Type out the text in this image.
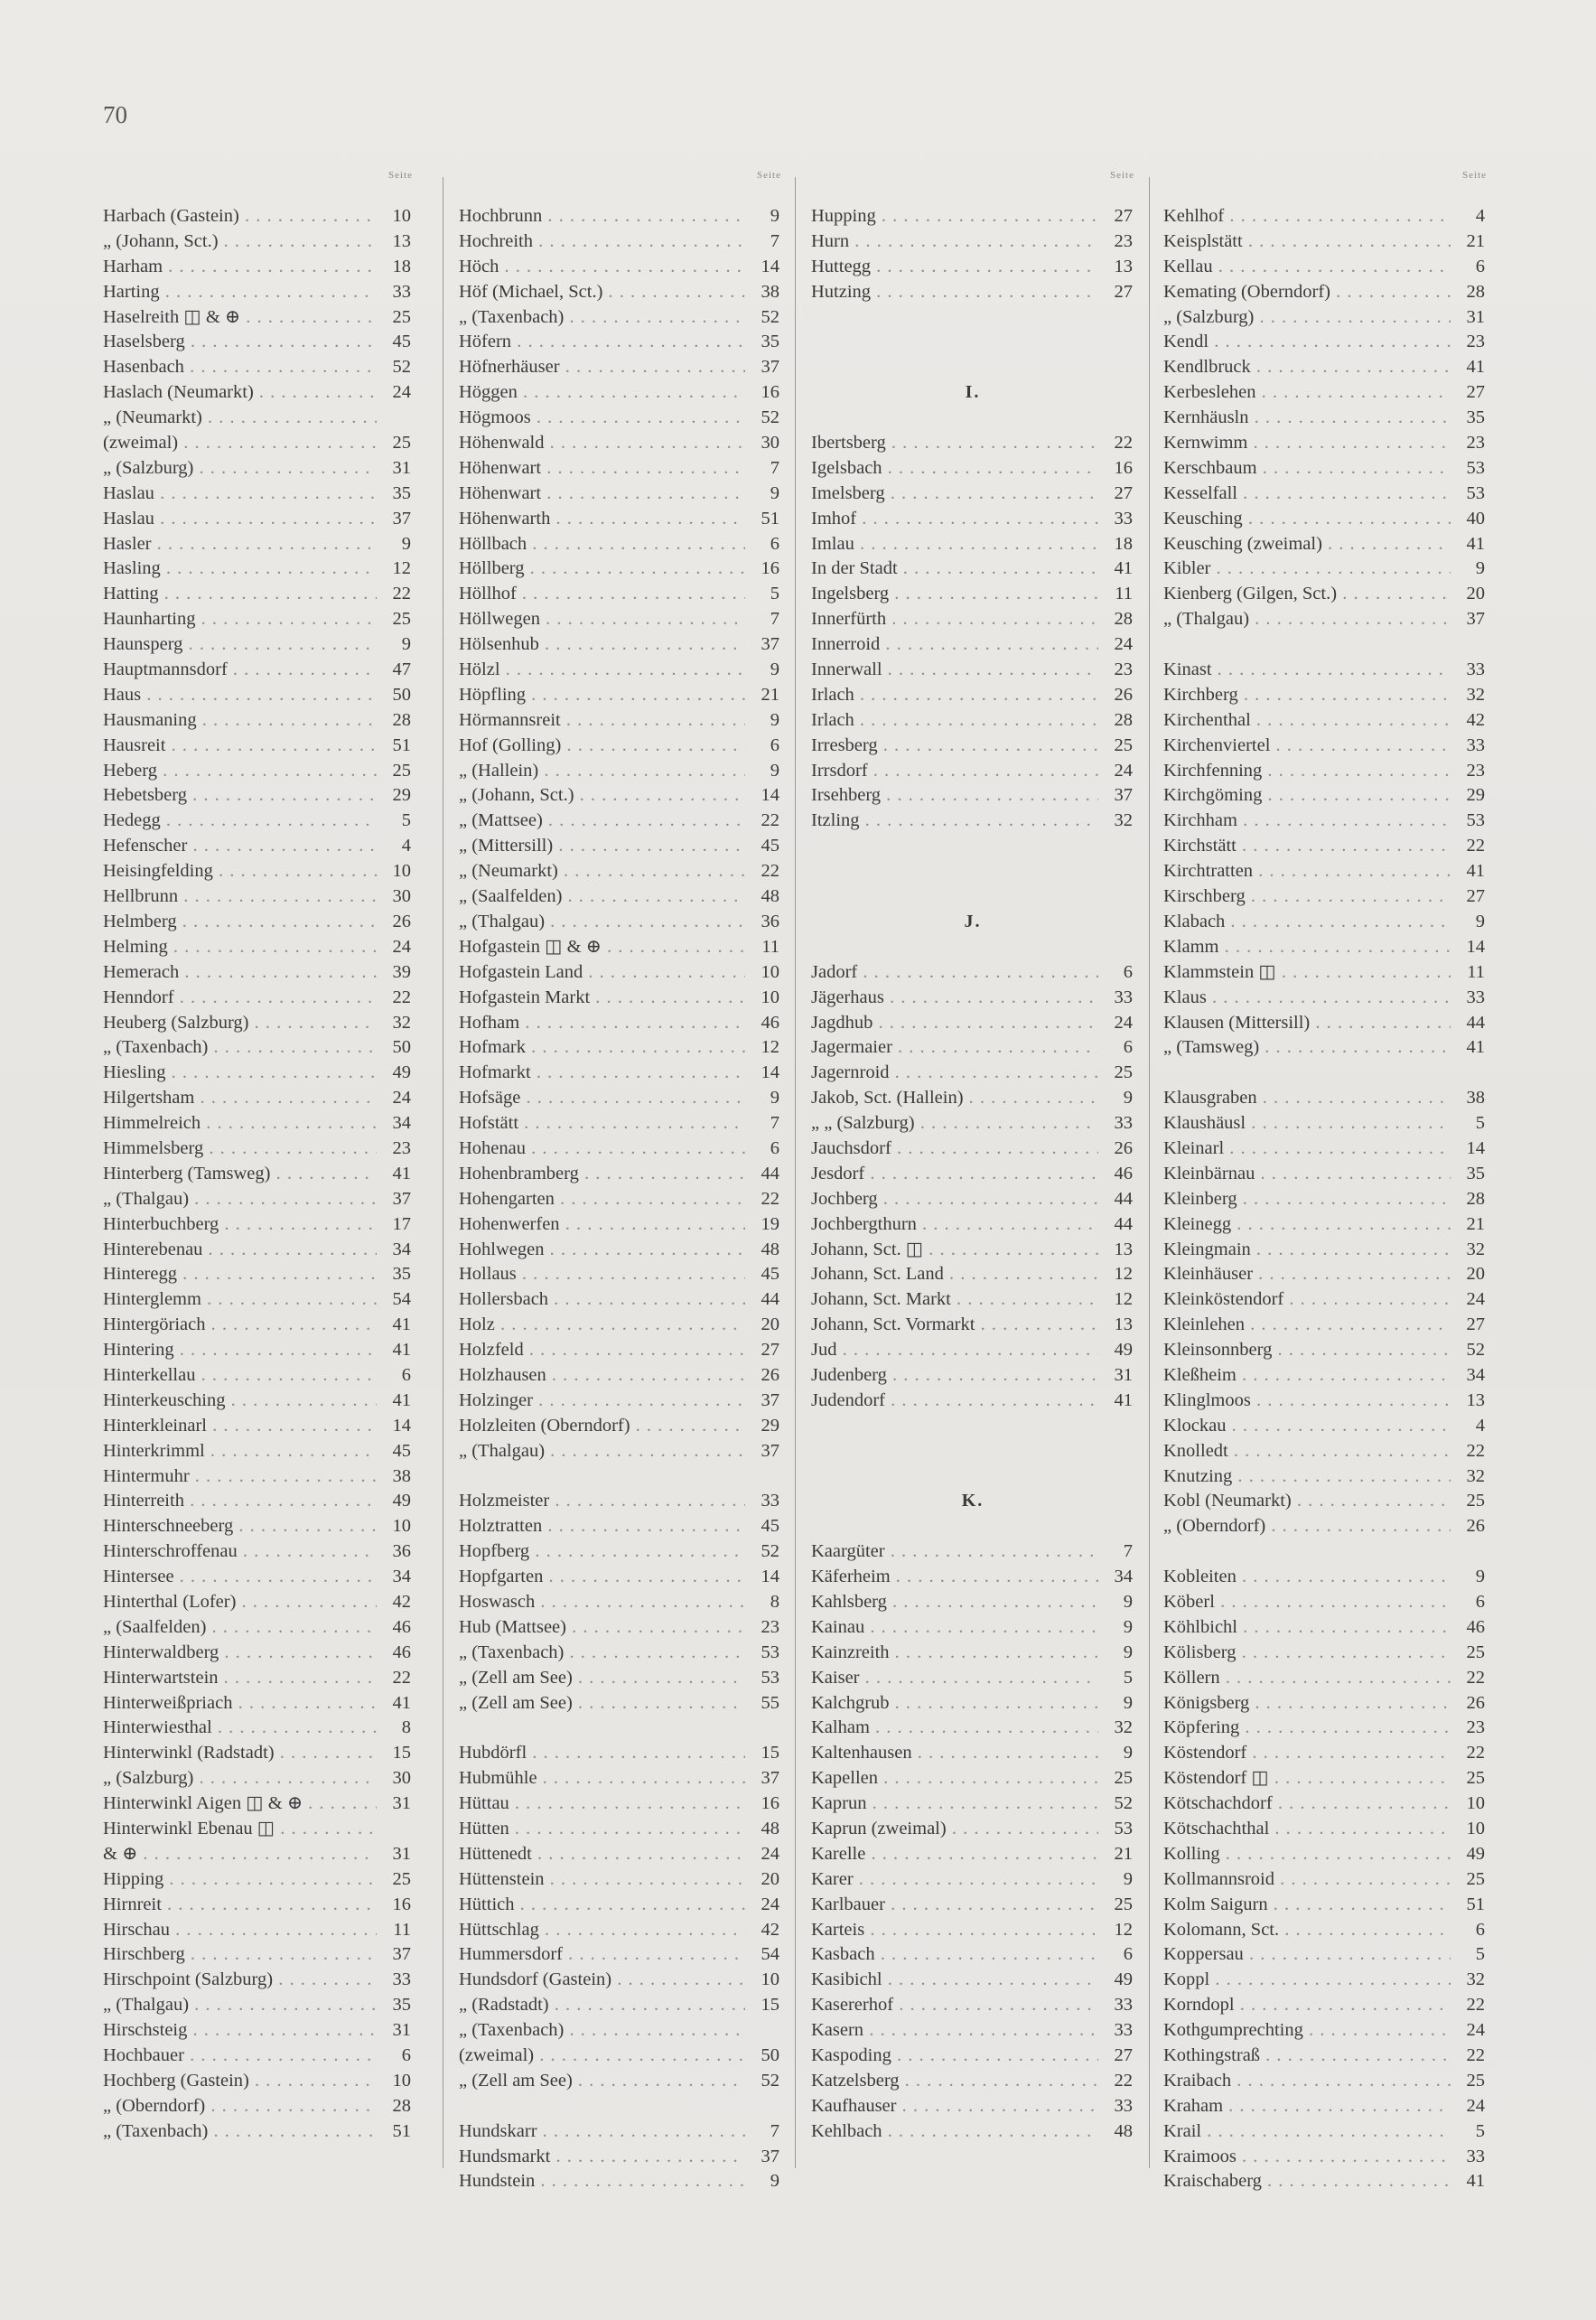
70
Seite
Harbach (Gastein) . . .	10
„ (Johann, Sct.) . . .	13
Harham . . .	18
Harting . . .	33
Haselreith ◫ & ⊕ . . .	25
Haselsberg . . .	45
Hasenbach . . .	52
Haslach (Neumarkt) . . .	24
„ (Neumarkt) . . .
(zweimal) . . .	25
„ (Salzburg) . . .	31
Haslau . . .	35
Haslau . . .	37
Hasler . . .	9
Hasling . . .	12
Hatting . . .	22
Haunharting . . .	25
Haunsperg . . .	9
Hauptmannsdorf . . .	47
Haus . . .	50
Hausmaning . . .	28
Hausreit . . .	51
Heberg . . .	25
Hebetsberg . . .	29
Hedegg . . .	5
Hefenscher . . .	4
Heisingfelding . . .	10
Hellbrunn . . .	30
Helmberg . . .	26
Helming . . .	24
Hemerach . . .	39
Henndorf . . .	22
Heuberg (Salzburg) . . .	32
„ (Taxenbach) . . .	50
Hiesling . . .	49
Hilgertsham . . .	24
Himmelreich . . .	34
Himmelsberg . . .	23
Hinterberg (Tamsweg) . . .	41
„ (Thalgau) . . .	37
Hinterbuchberg . . .	17
Hinterebenau . . .	34
Hinteregg . . .	35
Hinterglemm . . .	54
Hintergöriach . . .	41
Hintering . . .	41
Hinterkellau . . .	6
Hinterkeusching . . .	41
Hinterkleinarl . . .	14
Hinterkrimml . . .	45
Hintermuhr . . .	38
Hinterreith . . .	49
Hinterschneeberg . . .	10
Hinterschroffenau . . .	36
Hintersee . . .	34
Hinterthal (Lofer) . . .	42
„ (Saalfelden) . . .	46
Hinterwaldberg . . .	46
Hinterwartstein . . .	22
Hinterweißpriach . . .	41
Hinterwiesthal . . .	8
Hinterwinkl (Radstadt) . . .	15
„ (Salzburg) . . .	30
Hinterwinkl Aigen ◫ & ⊕ . . .	31
Hinterwinkl Ebenau ◫ . . .
& ⊕ . . .	31
Hipping . . .	25
Hirnreit . . .	16
Hirschau . . .	11
Hirschberg . . .	37
Hirschpoint (Salzburg) . . .	33
„ (Thalgau) . . .	35
Hirschsteig . . .	31
Hochbauer . . .	6
Hochberg (Gastein) . . .	10
„ (Oberndorf) . . .	28
„ (Taxenbach) . . .	51
Seite
Hochbrunn . . .	9
Hochreith . . .	7
Höch . . .	14
Höf (Michael, Sct.) . . .	38
„ (Taxenbach) . . .	52
Höfern . . .	35
Höfnerhäuser . . .	37
Höggen . . .	16
Högmoos . . .	52
Höhenwald . . .	30
Höhenwart . . .	7
Höhenwart . . .	9
Höhenwarth . . .	51
Höllbach . . .	6
Höllberg . . .	16
Höllhof . . .	5
Höllwegen . . .	7
Hölsenhub . . .	37
Hölzl . . .	9
Höpfling . . .	21
Hörmannsreit . . .	9
Hof (Golling) . . .	6
„ (Hallein) . . .	9
„ (Johann, Sct.) . . .	14
„ (Mattsee) . . .	22
„ (Mittersill) . . .	45
„ (Neumarkt) . . .	22
„ (Saalfelden) . . .	48
„ (Thalgau) . . .	36
Hofgastein ◫ & ⊕ . . .	11
Hofgastein Land . . .	10
Hofgastein Markt . . .	10
Hofham . . .	46
Hofmark . . .	12
Hofmarkt . . .	14
Hofsäge . . .	9
Hofstätt . . .	7
Hohenau . . .	6
Hohenbramberg . . .	44
Hohengarten . . .	22
Hohenwerfen . . .	19
Hohlwegen . . .	48
Hollaus . . .	45
Hollersbach . . .	44
Holz . . .	20
Holzfeld . . .	27
Holzhausen . . .	26
Holzinger . . .	37
Holzleiten (Oberndorf) . . .	29
„ (Thalgau) . . .	37
Holzmeister . . .	33
Holztratten . . .	45
Hopfberg . . .	52
Hopfgarten . . .	14
Hoswasch . . .	8
Hub (Mattsee) . . .	23
„ (Taxenbach) . . .	53
„ (Zell am See) . . .	53
„ (Zell am See) . . .	55
Hubdörfl . . .	15
Hubmühle . . .	37
Hüttau . . .	16
Hütten . . .	48
Hüttenedt . . .	24
Hüttenstein . . .	20
Hüttich . . .	24
Hüttschlag . . .	42
Hummersdorf . . .	54
Hundsdorf (Gastein) . . .	10
„ (Radstadt) . . .	15
„ (Taxenbach) . . .
(zweimal) . . .	50
„ (Zell am See) . . .	52
Hundskarr . . .	7
Hundsmarkt . . .	37
Hundstein . . .	9
Seite
Hupping . . .	27
Hurn . . .	23
Huttegg . . .	13
Hutzing . . .	27
I.
Ibertsberg . . .	22
Igelsbach . . .	16
Imelsberg . . .	27
Imhof . . .	33
Imlau . . .	18
In der Stadt . . .	41
Ingelsberg . . .	11
Innerfürth . . .	28
Innerroid . . .	24
Innerwall . . .	23
Irlach . . .	26
Irlach . . .	28
Irresberg . . .	25
Irrsdorf . . .	24
Irsehberg . . .	37
Itzling . . .	32
J.
Jadorf . . .	6
Jägerhaus . . .	33
Jagdhub . . .	24
Jagermaier . . .	6
Jagernroid . . .	25
Jakob, Sct. (Hallein) . . .	9
„ „ (Salzburg) . . .	33
Jauchsdorf . . .	26
Jesdorf . . .	46
Jochberg . . .	44
Jochbergthurn . . .	44
Johann, Sct. ◫ . . .	13
Johann, Sct. Land . . .	12
Johann, Sct. Markt . . .	12
Johann, Sct. Vormarkt . . .	13
Jud . . .	49
Judenberg . . .	31
Judendorf . . .	41
K.
Kaargüter . . .	7
Käferheim . . .	34
Kahlsberg . . .	9
Kainau . . .	9
Kainzreith . . .	9
Kaiser . . .	5
Kalchgrub . . .	9
Kalham . . .	32
Kaltenhausen . . .	9
Kapellen . . .	25
Kaprun . . .	52
Kaprun (zweimal) . . .	53
Karelle . . .	21
Karer . . .	9
Karlbauer . . .	25
Karteis . . .	12
Kasbach . . .	6
Kasibichl . . .	49
Kasererhof . . .	33
Kasern . . .	33
Kaspoding . . .	27
Katzelsberg . . .	22
Kaufhauser . . .	33
Kehlbach . . .	48
Seite
Kehlhof . . .	4
Keisplstätt . . .	21
Kellau . . .	6
Kemating (Oberndorf) . . .	28
„ (Salzburg) . . .	31
Kendl . . .	23
Kendlbruck . . .	41
Kerbeslehen . . .	27
Kernhäusln . . .	35
Kernwimm . . .	23
Kerschbaum . . .	53
Kesselfall . . .	53
Keusching . . .	40
Keusching (zweimal) . . .	41
Kibler . . .	9
Kienberg (Gilgen, Sct.) . . .	20
„ (Thalgau) . . .	37
Kinast . . .	33
Kirchberg . . .	32
Kirchenthal . . .	42
Kirchenviertel . . .	33
Kirchfenning . . .	23
Kirchgöming . . .	29
Kirchham . . .	53
Kirchstätt . . .	22
Kirchtratten . . .	41
Kirschberg . . .	27
Klabach . . .	9
Klamm . . .	14
Klammstein ◫ . . .	11
Klaus . . .	33
Klausen (Mittersill) . . .	44
„ (Tamsweg) . . .	41
Klausgraben . . .	38
Klaushäusl . . .	5
Kleinarl . . .	14
Kleinbärnau . . .	35
Kleinberg . . .	28
Kleinegg . . .	21
Kleingmain . . .	32
Kleinhäuser . . .	20
Kleinköstendorf . . .	24
Kleinlehen . . .	27
Kleinsonnberg . . .	52
Kleßheim . . .	34
Klinglmoos . . .	13
Klockau . . .	4
Knolledt . . .	22
Knutzing . . .	32
Kobl (Neumarkt) . . .	25
„ (Oberndorf) . . .	26
Kobleiten . . .	9
Köberl . . .	6
Köhlbichl . . .	46
Kölisberg . . .	25
Köllern . . .	22
Königsberg . . .	26
Köpfering . . .	23
Köstendorf . . .	22
Köstendorf ◫ . . .	25
Kötschachdorf . . .	10
Kötschachthal . . .	10
Kolling . . .	49
Kollmannsroid . . .	25
Kolm Saigurn . . .	51
Kolomann, Sct. . . .	6
Koppersau . . .	5
Koppl . . .	32
Korndopl . . .	22
Kothgumprechting . . .	24
Kothingstraß . . .	22
Kraibach . . .	25
Kraham . . .	24
Krail . . .	5
Kraimoos . . .	33
Kraischaberg . . .	41
